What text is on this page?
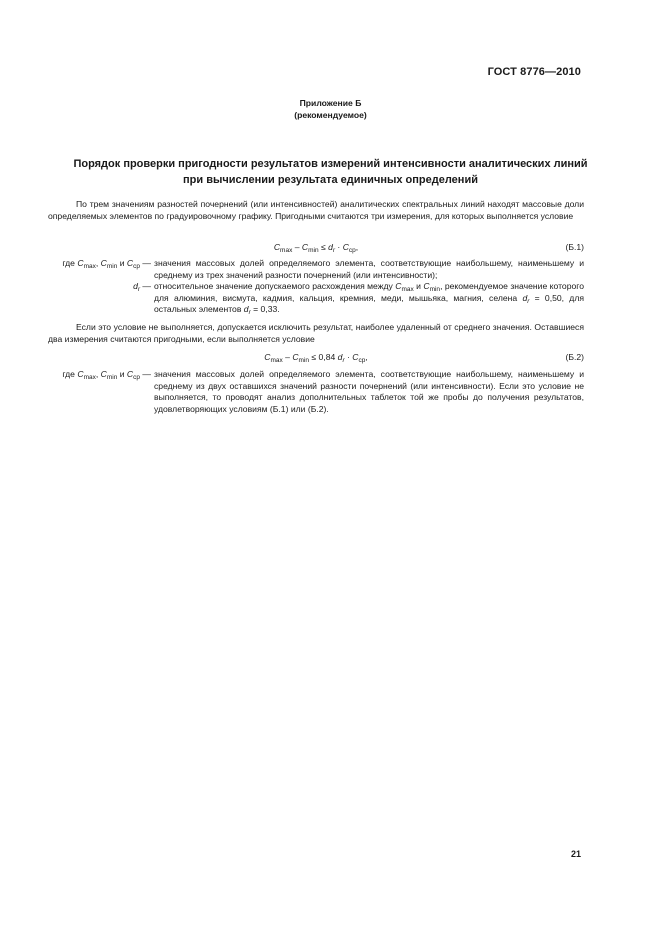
ГОСТ 8776—2010
Приложение Б
(рекомендуемое)
Порядок проверки пригодности результатов измерений интенсивности аналитических линий
при вычислении результата единичных определений
По трем значениям разностей почернений (или интенсивностей) аналитических спектральных линий находят массовые доли определяемых элементов по градуировочному графику. Пригодными считаются три измерения, для которых выполняется условие
$C_{max} - C_{min} \le d_r \cdot C_{ср}$,	(Б.1)
где $C_{max}$, $C_{min}$ и $C_{ср}$ — значения массовых долей определяемого элемента, соответствующие наибольшему, наименьшему и среднему из трех значений разности почернений (или интенсивности);
$d_r$ — относительное значение допускаемого расхождения между $C_{max}$ и $C_{min}$, рекомендуемое значение которого для алюминия, висмута, кадмия, кальция, кремния, меди, мышьяка, магния, селена $d_r = 0,50$, для остальных элементов $d_r = 0,33$.
Если это условие не выполняется, допускается исключить результат, наиболее удаленный от среднего значения. Оставшиеся два измерения считаются пригодными, если выполняется условие
$C_{max} - C_{min} \le 0,84$ $d_r \cdot C_{ср}$,	(Б.2)
где $C_{max}$, $C_{min}$ и $C_{ср}$ — значения массовых долей определяемого элемента, соответствующие наибольшему, наименьшему и среднему из двух оставшихся значений разности почернений (или интенсивности). Если это условие не выполняется, то проводят анализ дополнительных таблеток той же пробы до получения результатов, удовлетворяющих условиям (Б.1) или (Б.2).
21
